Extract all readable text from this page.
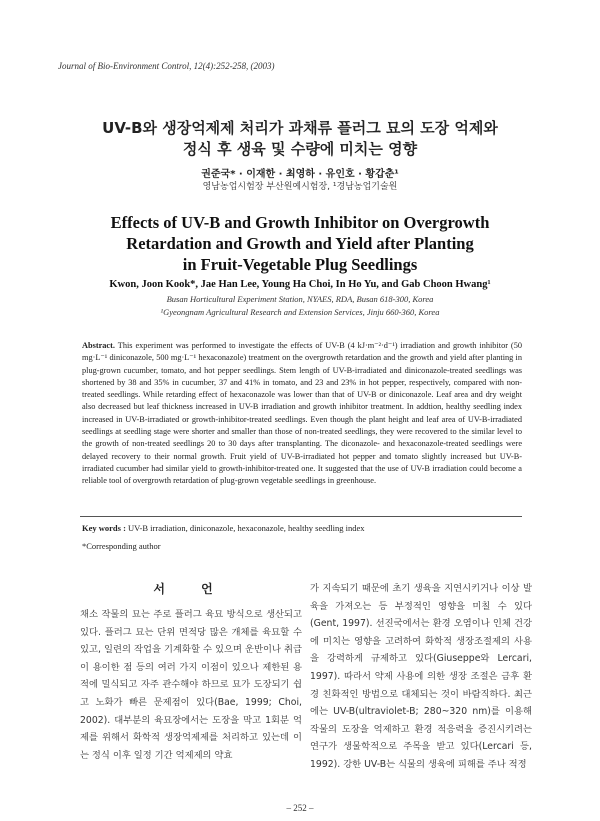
Journal of Bio-Environment Control, 12(4):252-258, (2003)
UV-B와 생장억제제 처리가 과채류 플러그 묘의 도장 억제와
정식 후 생육 및 수량에 미치는 영향
권준국* · 이재한 · 최영하 · 유인호 · 황갑춘¹
영남농업시험장 부산원예시험장, ¹경남농업기술원
Effects of UV-B and Growth Inhibitor on Overgrowth
Retardation and Growth and Yield after Planting
in Fruit-Vegetable Plug Seedlings
Kwon, Joon Kook*, Jae Han Lee, Young Ha Choi, In Ho Yu, and Gab Choon Hwang¹
Busan Horticultural Experiment Station, NYAES, RDA, Busan 618-300, Korea
¹Gyeongnam Agricultural Research and Extension Services, Jinju 660-360, Korea
Abstract. This experiment was performed to investigate the effects of UV-B (4 kJ·m⁻²·d⁻¹) irradiation and growth inhibitor (50 mg·L⁻¹ diniconazole, 500 mg·L⁻¹ hexaconazole) treatment on the overgrowth retardation and the growth and yield after planting in plug-grown cucumber, tomato, and hot pepper seedlings. Stem length of UV-B-irradiated and diniconazole-treated seedlings was shortened by 38 and 35% in cucumber, 37 and 41% in tomato, and 23 and 23% in hot pepper, respectively, compared with non-treated seedlings. While retarding effect of hexaconazole was lower than that of UV-B or diniconazole. Leaf area and dry weight also decreased but leaf thickness increased in UV-B irradiation and growth inhibitor treatment. In addtion, healthy seedling index increased in UV-B-irradiated or growth-inhibitor-treated seedlings. Even though the plant height and leaf area of UV-B-irradiated seedlings at seedling stage were shorter and smaller than those of non-treated seedlings, they were recovered to the similar level to the growth of non-treated seedlings 20 to 30 days after transplanting. The diconazole- and hexaconazole-treated seedlings were delayed recovery to their normal growth. Fruit yield of UV-B-irradiated hot pepper and tomato slightly increased but UV-B-irradiated cucumber had similar yield to growth-inhibitor-treated one. It suggested that the use of UV-B irradiation could become a reliable tool of overgrowth retardation of plug-grown vegetable seedlings in greenhouse.
Key words : UV-B irradiation, diniconazole, hexaconazole, healthy seedling index
*Corresponding author
서 언

채소 작물의 묘는 주로 플러그 육묘 방식으로 생산되고 있다. 플러그 묘는 단위 면적당 많은 개체를 육묘할 수 있고, 일련의 작업을 기계화할 수 있으며 운반이나 취급이 용이한 점 등의 여러 가지 이점이 있으나 제한된 용적에 밀식되고 자주 관수해야 하므로 묘가 도장되기 쉽고 노화가 빠른 문제점이 있다(Bae, 1999; Choi, 2002). 대부분의 육묘장에서는 도장을 막고 1회분 억제를 위해서 화학적 생장억제제를 처리하고 있는데 이는 정식 이후 일정 기간 억제제의 약효

가 지속되기 때문에 초기 생육을 지연시키거나 이상 발육을 가져오는 등 부정적인 영향을 미칠 수 있다 (Gent, 1997). 선진국에서는 환경 오염이나 인체 건강에 미치는 영향을 고려하여 화학적 생장조절제의 사용을 강력하게 규제하고 있다(Giuseppe와 Lercari, 1997). 따라서 약제 사용에 의한 생장 조절은 금후 환경 친화적인 방법으로 대체되는 것이 바람직하다. 최근에는 UV-B(ultraviolet-B; 280~320 nm)를 이용해 작물의 도장을 억제하고 환경 적응력을 증진시키려는 연구가 생물학적으로 주목을 받고 있다(Lercari 등, 1992). 강한 UV-B는 식물의 생육에 피해를 주나 적정

– 252 –
